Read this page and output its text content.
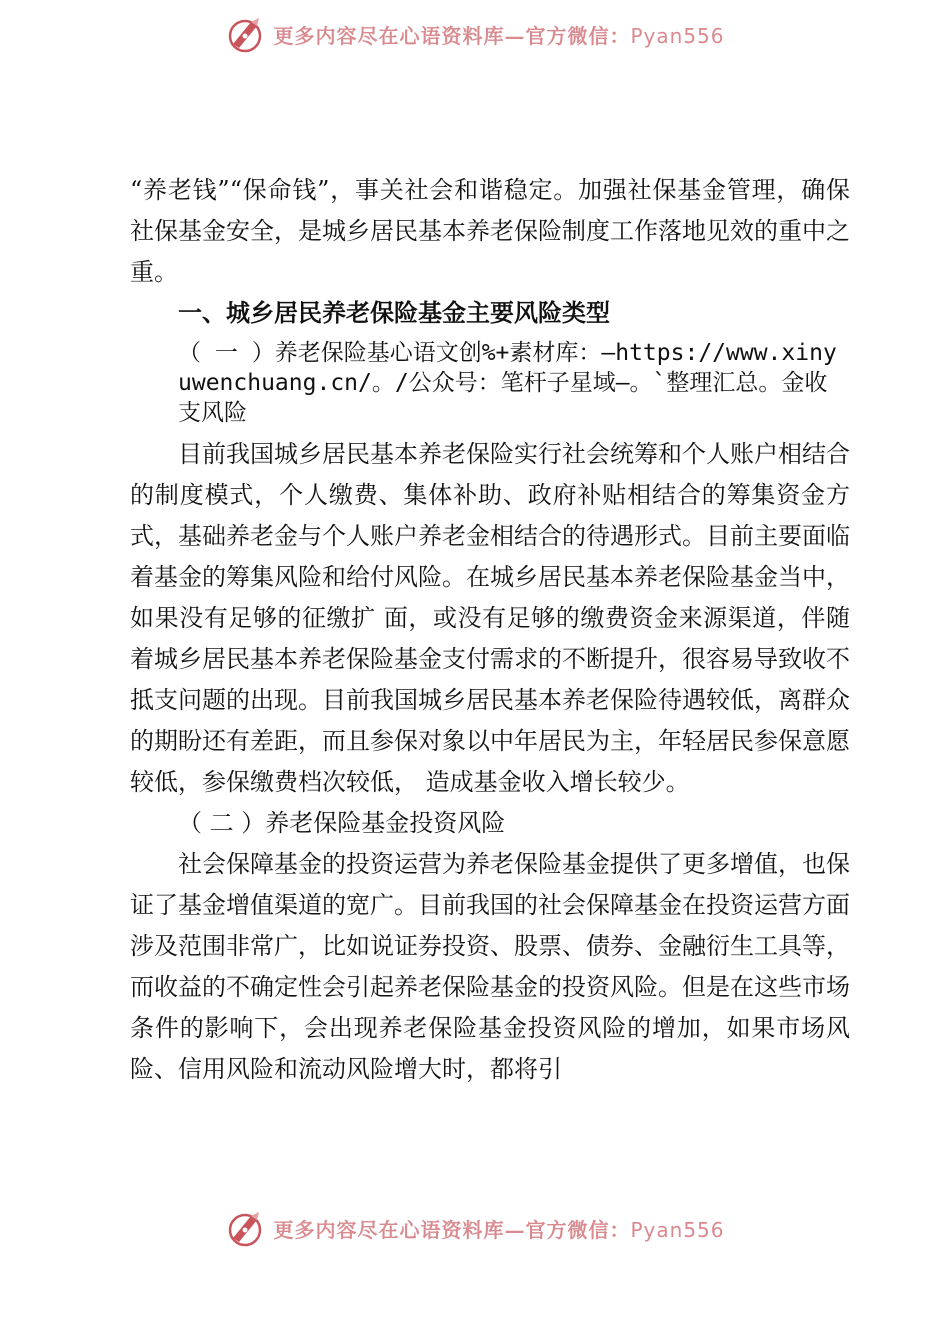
更多内容尽在心语资料库—官方微信：Pyan556

“养老钱”“保命钱”，事关社会和谐稳定。加强社保基金管理，确保社保基金安全，是城乡居民基本养老保险制度工作落地见效的重中之重。

一、城乡居民养老保险基金主要风险类型

（ 一 ）养老保险基心语文创%+素材库：—https://www.xinyuwenchuang.cn/。/公众号：笔杆子星域—。`整理汇总。金收支风险

目前我国城乡居民基本养老保险实行社会统筹和个人账户相结合的制度模式，个人缴费、集体补助、政府补贴相结合的筹集资金方式，基础养老金与个人账户养老金相结合的待遇形式。目前主要面临着基金的筹集风险和给付风险。在城乡居民基本养老保险基金当中，如果没有足够的征缴扩 面，或没有足够的缴费资金来源渠道，伴随着城乡居民基本养老保险基金支付需求的不断提升，很容易导致收不抵支问题的出现。目前我国城乡居民基本养老保险待遇较低，离群众的期盼还有差距，而且参保对象以中年居民为主，年轻居民参保意愿较低，参保缴费档次较低， 造成基金收入增长较少。

（ 二 ）养老保险基金投资风险

社会保障基金的投资运营为养老保险基金提供了更多增值，也保证了基金增值渠道的宽广。目前我国的社会保障基金在投资运营方面涉及范围非常广，比如说证券投资、股票、债券、金融衍生工具等，而收益的不确定性会引起养老保险基金的投资风险。但是在这些市场条件的影响下，会出现养老保险基金投资风险的增加，如果市场风险、信用风险和流动风险增大时，都将引

更多内容尽在心语资料库—官方微信：Pyan556
